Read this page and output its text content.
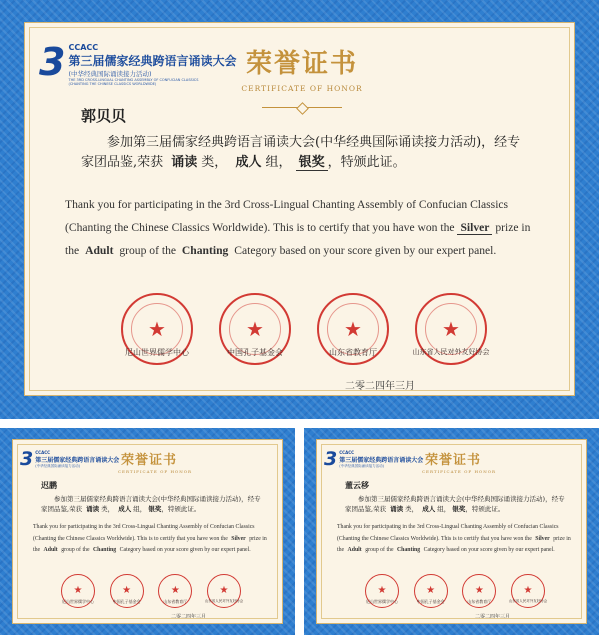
3 CCACC
第三届儒家经典跨语言诵读大会
(中华经典国际诵读接力活动)
THE 3RD CROSS-LINGUAL CHANTING ASSEMBLY OF CONFUCIAN CLASSICS
(CHANTING THE CHINESE CLASSICS WORLDWIDE)
荣誉证书
CERTIFICATE OF HONOR
郭贝贝
参加第三届儒家经典跨语言诵读大会(中华经典国际诵读接力活动)，经专家团品鉴,荣获 诵读 类， 成人 组， 银奖 ，特颁此证。
Thank you for participating in the 3rd Cross-Lingual Chanting Assembly of Confucian Classics (Chanting the Chinese Classics Worldwide). This is to certify that you have won the Silver prize in the Adult group of the Chanting Category based on your score given by our expert panel.
★
尼山世界儒学中心
★
中国孔子基金会
★
山东省教育厅
★
山东省人民对外友好协会
二零二四年三月
3 CCACC
第三届儒家经典跨语言诵读大会
(中华经典国际诵读接力活动)	荣誉证书
CERTIFICATE OF HONOR
迟鹏
参加第三届儒家经典跨语言诵读大会(中华经典国际诵读接力活动)，经专家团品鉴,荣获 诵读 类， 成人 组， 银奖，特颁此证。
Thank you for participating in the 3rd Cross-Lingual Chanting Assembly of Confucian Classics (Chanting the Chinese Classics Worldwide). This is to certify that you have won the Silver prize in the Adult group of the Chanting Category based on your score given by our expert panel.
★
尼山世界儒学中心
★
中国孔子基金会
★
山东省教育厅
★
山东省人民对外友好协会
二零二四年三月
3 CCACC
第三届儒家经典跨语言诵读大会
(中华经典国际诵读接力活动)	荣誉证书
CERTIFICATE OF HONOR
董云移
参加第三届儒家经典跨语言诵读大会(中华经典国际诵读接力活动)，经专家团品鉴,荣获 诵读 类， 成人 组， 银奖，特颁此证。
Thank you for participating in the 3rd Cross-Lingual Chanting Assembly of Confucian Classics (Chanting the Chinese Classics Worldwide). This is to certify that you have won the Silver prize in the Adult group of the Chanting Category based on your score given by our expert panel.
★
尼山世界儒学中心
★
中国孔子基金会
★
山东省教育厅
★
山东省人民对外友好协会
二零二四年三月
